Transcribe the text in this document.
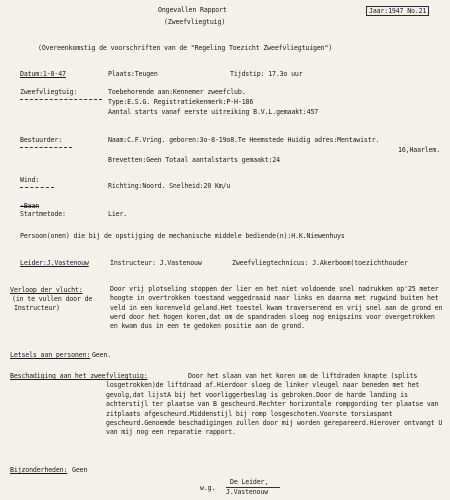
Ongevallen Rapport	Jaar:1947 No.21
(Zweefvliegtuig)
(Overeenkomstig de voorschriften van de "Regeling Toezicht Zweefvliegtuigen")
Datum:1-8-47	Plaats:Teugen	Tijdstip: 17.3o uur
Zweefvliegtuig:	Toebehorende aan:Kennemer zweefclub.
Type:E.S.G. Registratiekenmerk:P-H-186
Aantal starts vanaf eerste uitreiking B.V.L.gemaakt:457
Bestuurder:	Naam:C.F.Vring. geboren:3o-8-19o8.Te Heemstede Huidig adres:Mentawistr.
16,Haarlem.
Brevetten:Geen Totaal aantalstarts gemaakt:24
Wind:
Richting:Noord. Snelheid:20 Km/u
-Baan
Startmetode:	Lier.
Persoon(onen) die bij de opstijging de mechanische middele bediende(n):H.K.Niewenhuys
Leider:J.Vastenouw	Instructeur: J.Vastenouw	Zweefvliegtechnicus: J.Akerboom(toezichthouder
Verloop der vlucht:
(in te vullen door de
Instructeur)
Door vrij plotseling stoppen der lier en het niet voldoende snel nadrukken op'25 meter hoogte in overtrokken toestand weggedraaid naar links en daarna met rugwind buiten het veld in een korenveld geland.Het toestel kwam traverserend en vrij snel aan de grond en werd door het hogen koren,dat om de spandraden sloeg nog enigszins voor overgetrokken en kwam dus in een te gedoken positie aan de grond.
Letsels aan personen: Geen.
Beschadiging aan het zweefvliegtuig:	Door het slaan van het koren om de liftdraden knapte (splits losgetrokken)de liftdraad af.Hierdoor sloeg de linker vleugel naar beneden met het gevolg,dat lijstA bij het voorliggerbeslag is gebroken.Door de harde landing is achterstijl ter plaatse van B gescheurd.Rechter horizontale rompgording ter plaatse van zitplaats afgescheurd.Middenstijl bij romp losgeschoten.Voorste torsiaspant gescheurd.Genoemde beschadigingen zullen door mij worden gerepareerd.Hierover ontvangt U van mij nog een reparatie rapport.
Bijzonderheden: Geen
w.g.
De Leider,
J.Vastenouw
